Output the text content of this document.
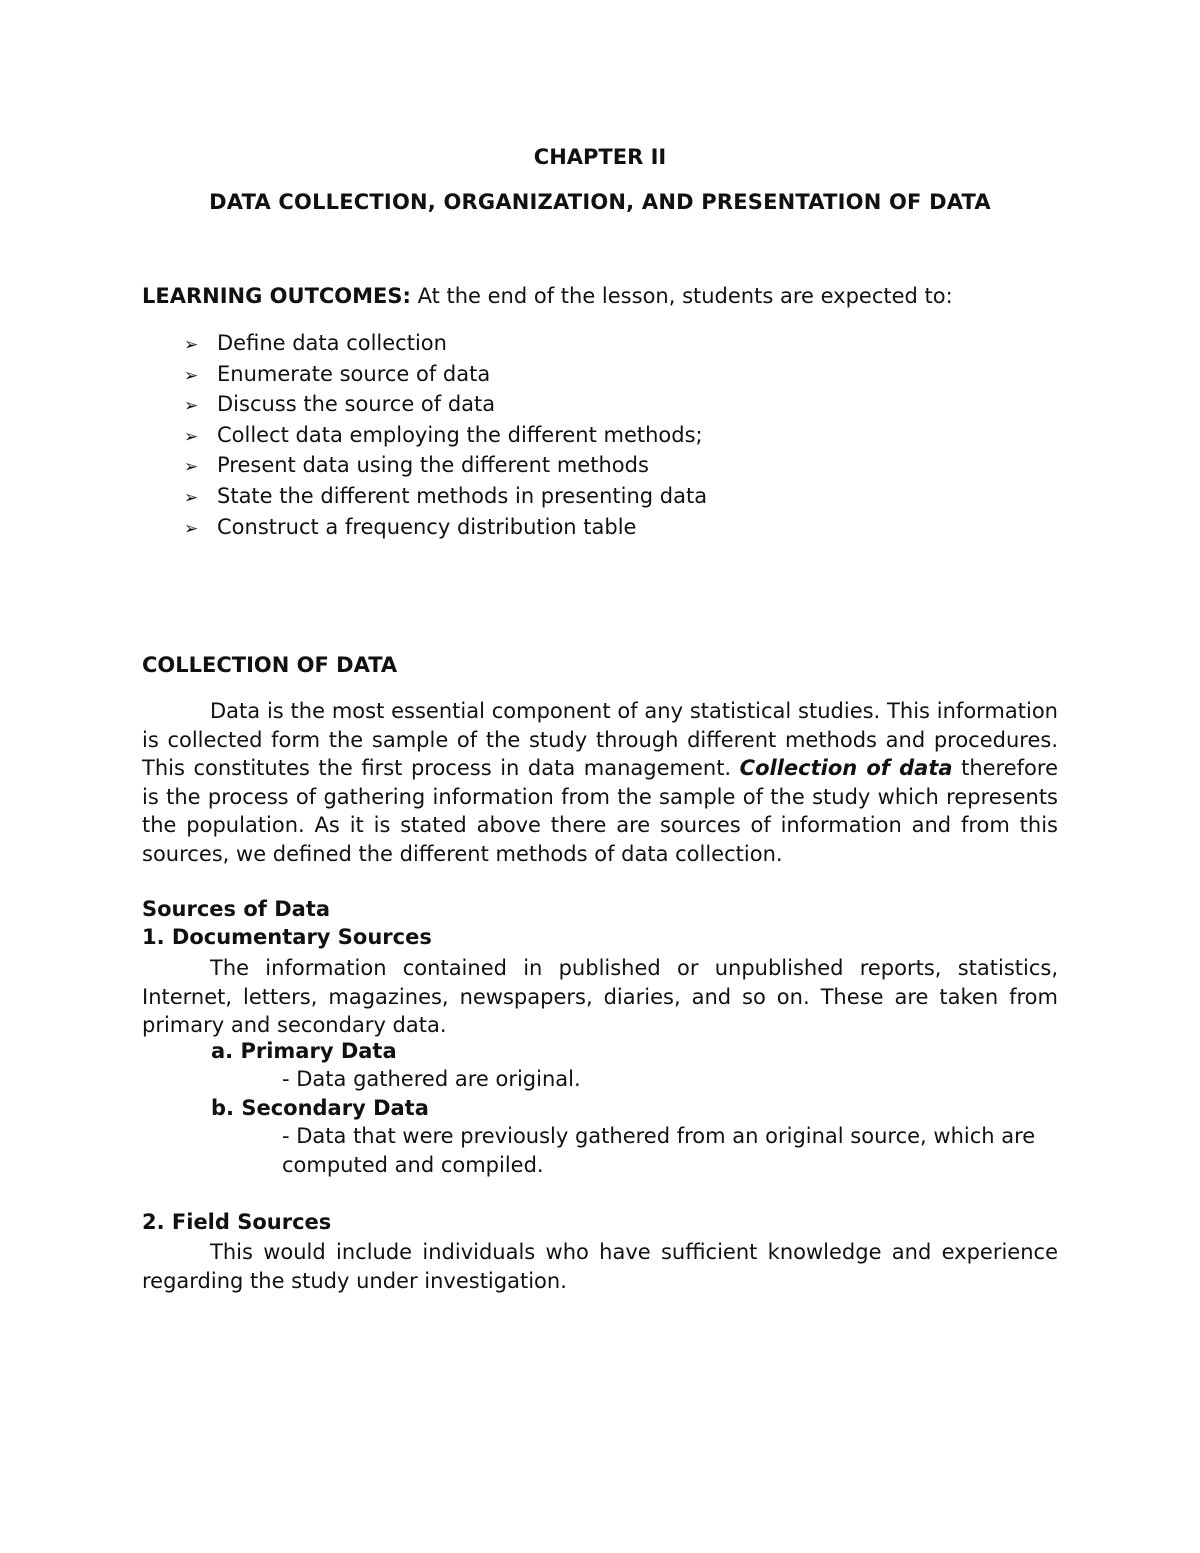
CHAPTER II
DATA COLLECTION, ORGANIZATION, AND PRESENTATION OF DATA
LEARNING OUTCOMES: At the end of the lesson, students are expected to:
➢ Define data collection
➢ Enumerate source of data
➢ Discuss the source of data
➢ Collect data employing the different methods;
➢ Present data using the different methods
➢ State the different methods in presenting data
➢ Construct a frequency distribution table
COLLECTION OF DATA
Data is the most essential component of any statistical studies. This information is collected form the sample of the study through different methods and procedures. This constitutes the first process in data management. Collection of data therefore is the process of gathering information from the sample of the study which represents the population. As it is stated above there are sources of information and from this sources, we defined the different methods of data collection.
Sources of Data
1. Documentary Sources
The information contained in published or unpublished reports, statistics, Internet, letters, magazines, newspapers, diaries, and so on. These are taken from primary and secondary data.
a. Primary Data
- Data gathered are original.
b. Secondary Data
- Data that were previously gathered from an original source, which are
computed and compiled.
2. Field Sources
This would include individuals who have sufficient knowledge and experience regarding the study under investigation.
